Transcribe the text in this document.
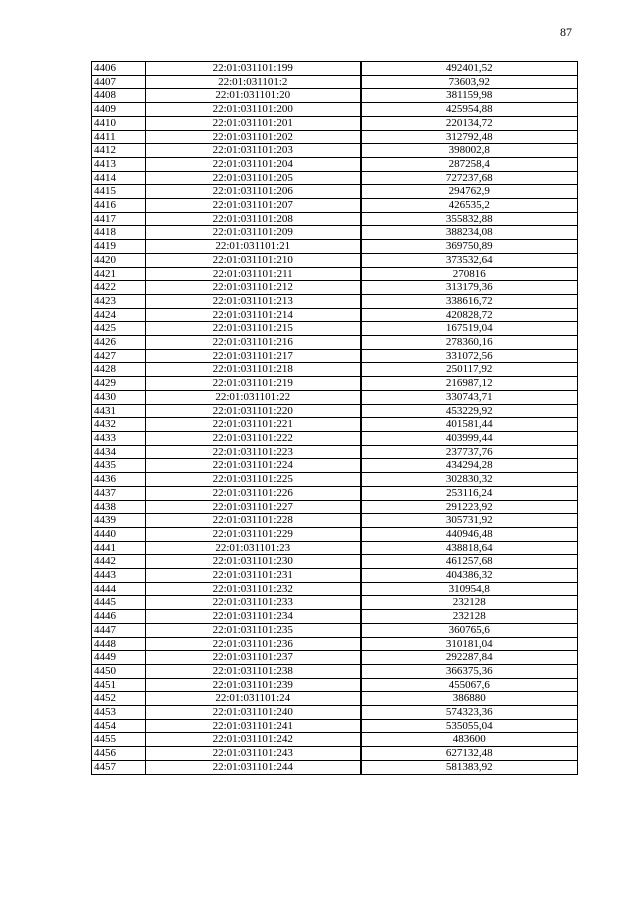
87
4406	22:01:031101:199	492401,52
4407	22:01:031101:2	73603,92
4408	22:01:031101:20	381159,98
4409	22:01:031101:200	425954,88
4410	22:01:031101:201	220134,72
4411	22:01:031101:202	312792,48
4412	22:01:031101:203	398002,8
4413	22:01:031101:204	287258,4
4414	22:01:031101:205	727237,68
4415	22:01:031101:206	294762,9
4416	22:01:031101:207	426535,2
4417	22:01:031101:208	355832,88
4418	22:01:031101:209	388234,08
4419	22:01:031101:21	369750,89
4420	22:01:031101:210	373532,64
4421	22:01:031101:211	270816
4422	22:01:031101:212	313179,36
4423	22:01:031101:213	338616,72
4424	22:01:031101:214	420828,72
4425	22:01:031101:215	167519,04
4426	22:01:031101:216	278360,16
4427	22:01:031101:217	331072,56
4428	22:01:031101:218	250117,92
4429	22:01:031101:219	216987,12
4430	22:01:031101:22	330743,71
4431	22:01:031101:220	453229,92
4432	22:01:031101:221	401581,44
4433	22:01:031101:222	403999,44
4434	22:01:031101:223	237737,76
4435	22:01:031101:224	434294,28
4436	22:01:031101:225	302830,32
4437	22:01:031101:226	253116,24
4438	22:01:031101:227	291223,92
4439	22:01:031101:228	305731,92
4440	22:01:031101:229	440946,48
4441	22:01:031101:23	438818,64
4442	22:01:031101:230	461257,68
4443	22:01:031101:231	404386,32
4444	22:01:031101:232	310954,8
4445	22:01:031101:233	232128
4446	22:01:031101:234	232128
4447	22:01:031101:235	360765,6
4448	22:01:031101:236	310181,04
4449	22:01:031101:237	292287,84
4450	22:01:031101:238	366375,36
4451	22:01:031101:239	455067,6
4452	22:01:031101:24	386880
4453	22:01:031101:240	574323,36
4454	22:01:031101:241	535055,04
4455	22:01:031101:242	483600
4456	22:01:031101:243	627132,48
4457	22:01:031101:244	581383,92
